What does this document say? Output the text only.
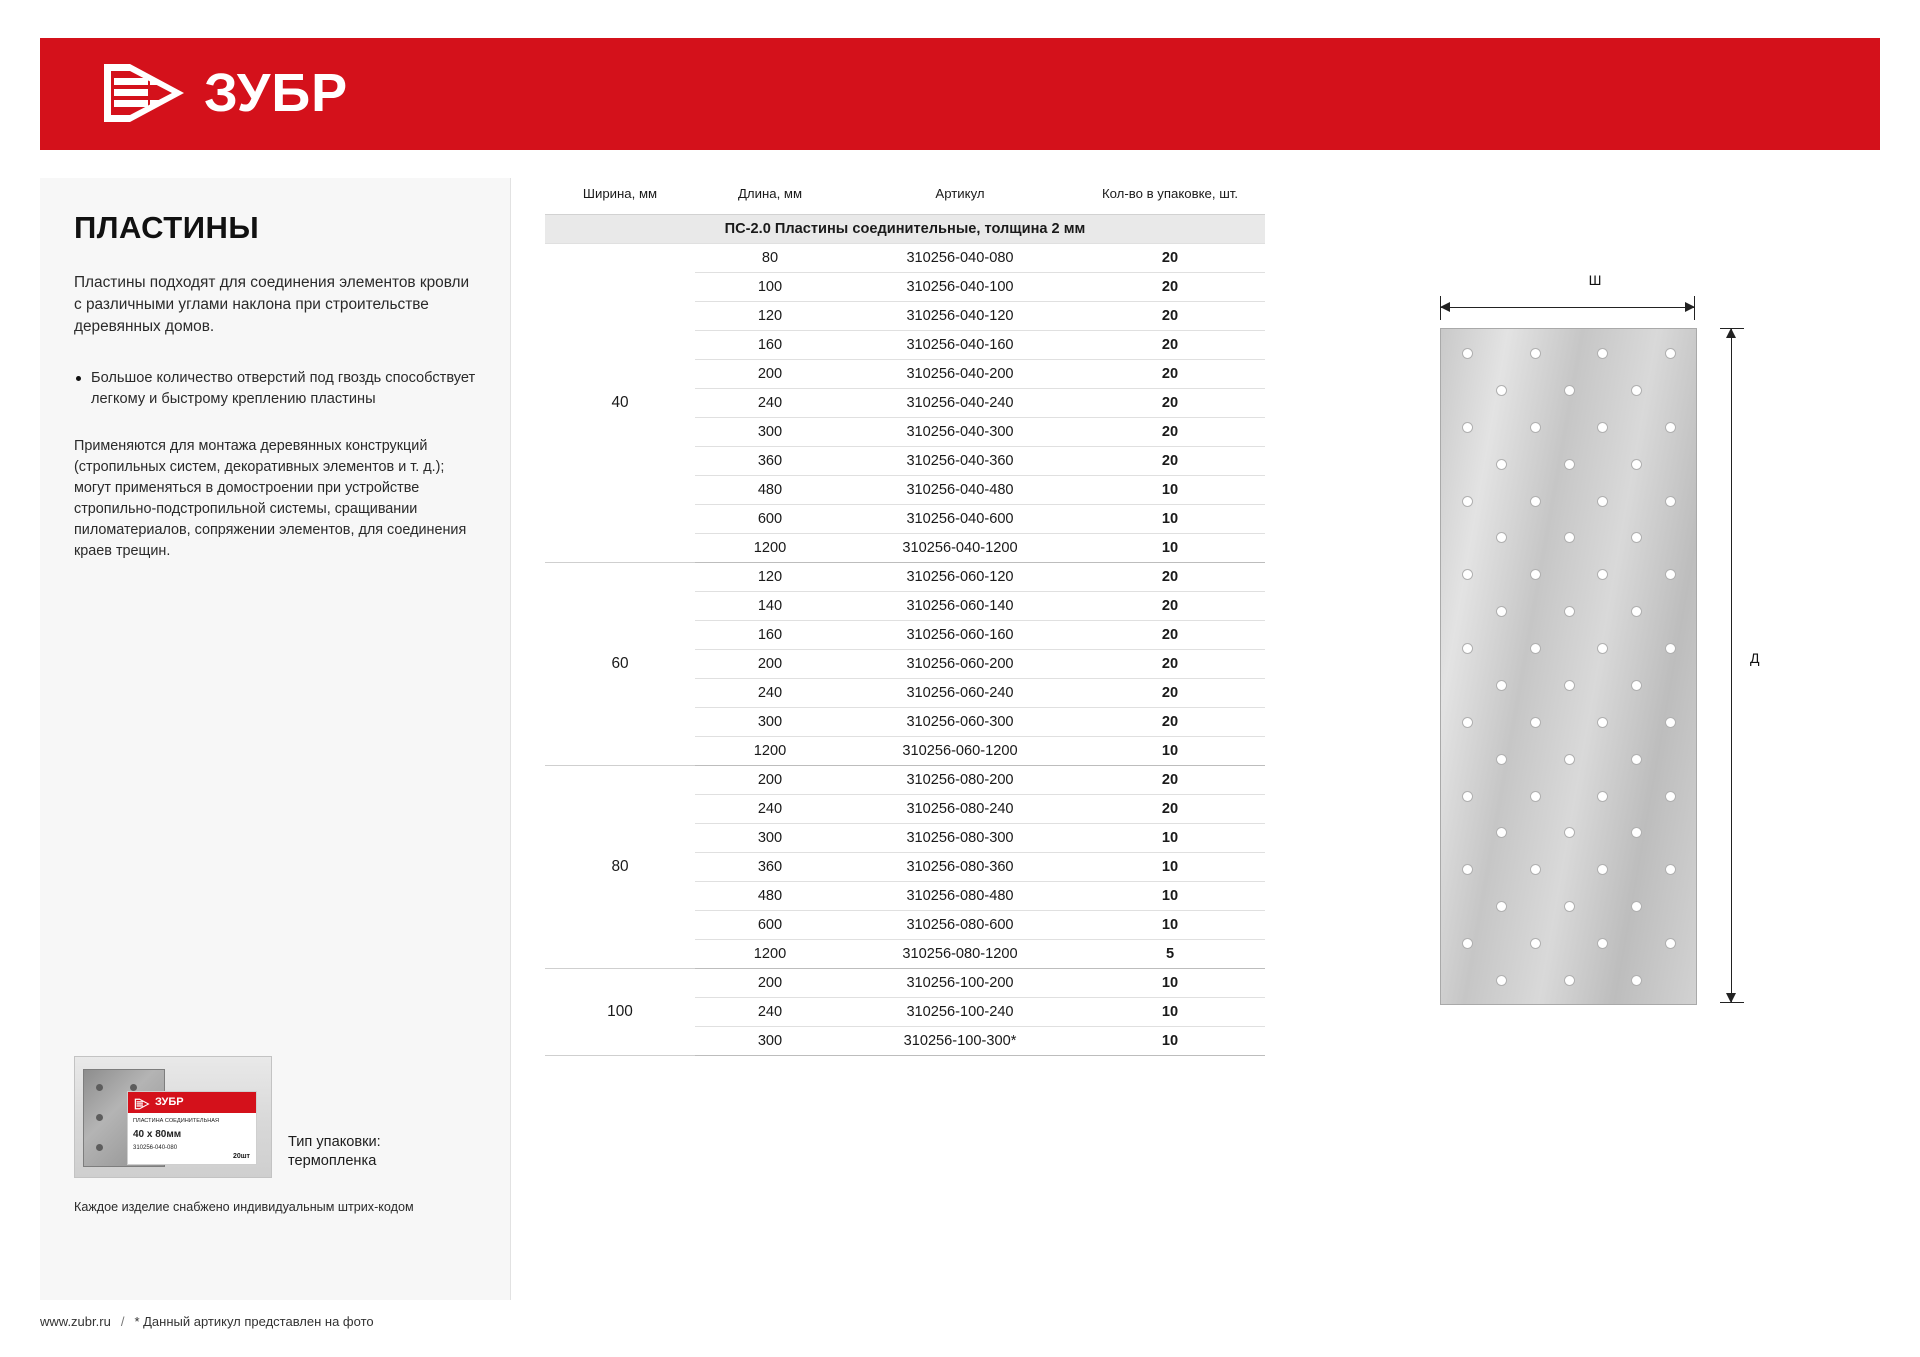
ЗУБР
ПЛАСТИНЫ

Пластины подходят для соединения элементов кровли с различными углами наклона при строительстве деревянных домов.

Большое количество отверстий под гвоздь способствует легкому и быстрому креплению пластины

Применяются для монтажа деревянных конструкций (стропильных систем, декоративных элементов и т. д.); могут применяться в домостроении при устройстве стропильно-подстропильной системы, сращивании пиломатериалов, сопряжении элементов, для соединения краев трещин.

ЗУБР
ПЛАСТИНА СОЕДИНИТЕЛЬНАЯ
40 x 80мм
310256-040-080
20шт
Тип упаковки:
термопленка
Каждое изделие снабжено индивидуальным штрих-кодом
www.zubr.ru / * Данный артикул представлен на фото
Ширина, мм	Длина, мм	Артикул	Кол-во в упаковке, шт.
ПС-2.0 Пластины соединительные, толщина 2 мм			
40	80	310256-040-080	20
	100	310256-040-100	20
	120	310256-040-120	20
	160	310256-040-160	20
	200	310256-040-200	20
	240	310256-040-240	20
	300	310256-040-300	20
	360	310256-040-360	20
	480	310256-040-480	10
	600	310256-040-600	10
	1200	310256-040-1200	10
60	120	310256-060-120	20
	140	310256-060-140	20
	160	310256-060-160	20
	200	310256-060-200	20
	240	310256-060-240	20
	300	310256-060-300	20
	1200	310256-060-1200	10
80	200	310256-080-200	20
	240	310256-080-240	20
	300	310256-080-300	10
	360	310256-080-360	10
	480	310256-080-480	10
	600	310256-080-600	10
	1200	310256-080-1200	5
100	200	310256-100-200	10
	240	310256-100-240	10
	300	310256-100-300*	10
Ш
Д
